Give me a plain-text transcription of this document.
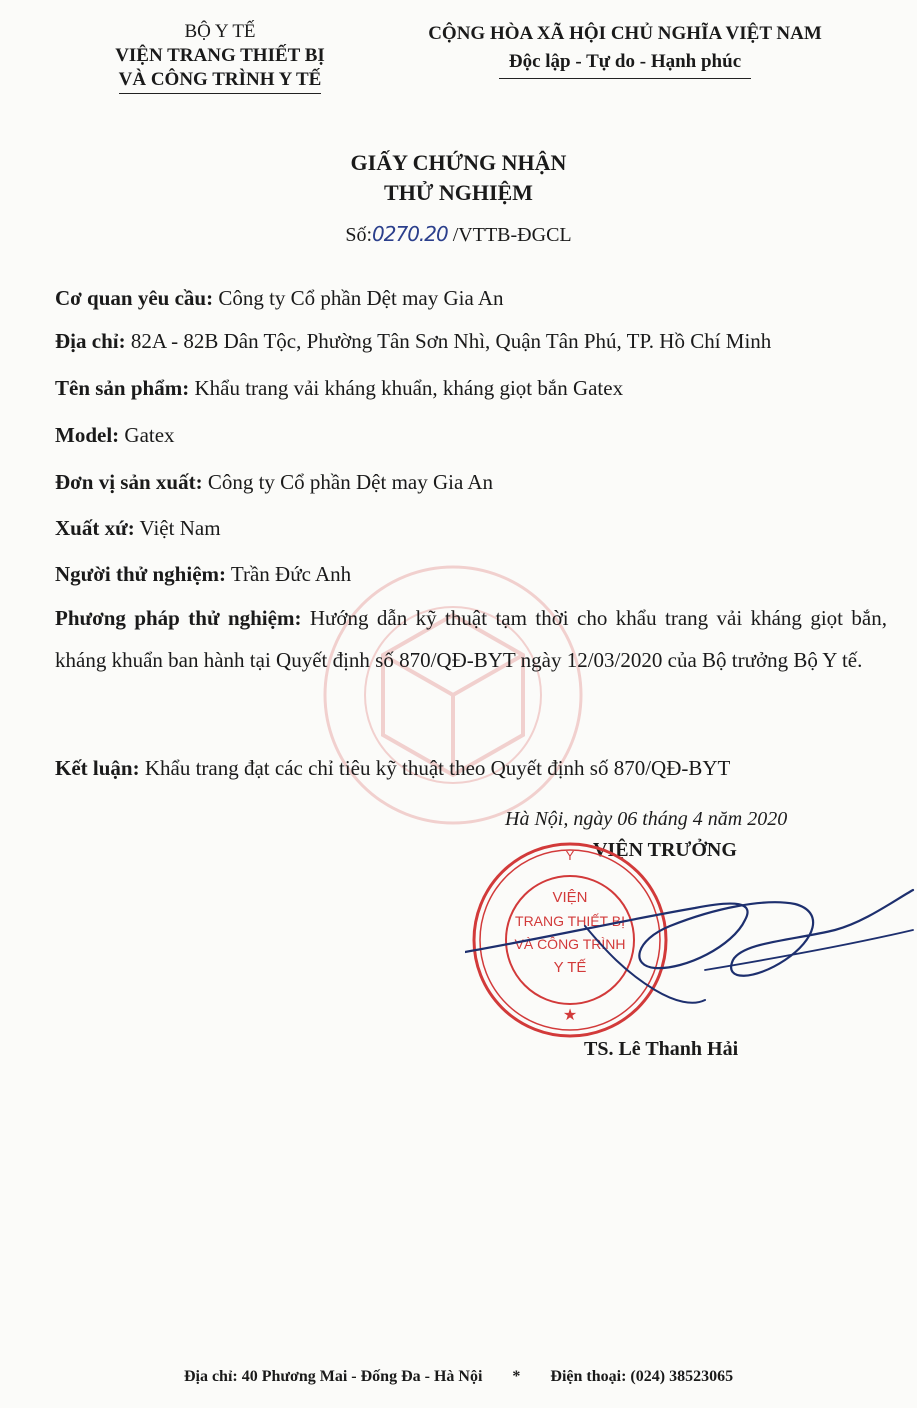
BỘ Y TẾ
VIỆN TRANG THIẾT BỊ
VÀ CÔNG TRÌNH Y TẾ
CỘNG HÒA XÃ HỘI CHỦ NGHĨA VIỆT NAM
Độc lập - Tự do - Hạnh phúc
GIẤY CHỨNG NHẬN
THỬ NGHIỆM
Số:0270.20 /VTTB-ĐGCL
Cơ quan yêu cầu: Công ty Cổ phần Dệt may Gia An
Địa chỉ: 82A - 82B Dân Tộc, Phường Tân Sơn Nhì, Quận Tân Phú, TP. Hồ Chí Minh
Tên sản phẩm: Khẩu trang vải kháng khuẩn, kháng giọt bắn Gatex
Model: Gatex
Đơn vị sản xuất: Công ty Cổ phần Dệt may Gia An
Xuất xứ: Việt Nam
Người thử nghiệm: Trần Đức Anh
Phương pháp thử nghiệm: Hướng dẫn kỹ thuật tạm thời cho khẩu trang vải kháng giọt bắn, kháng khuẩn ban hành tại Quyết định số 870/QĐ-BYT ngày 12/03/2020 của Bộ trưởng Bộ Y tế.
Kết luận: Khẩu trang đạt các chỉ tiêu kỹ thuật theo Quyết định số 870/QĐ-BYT
Hà Nội, ngày 06 tháng 4 năm 2020
VIỆN TRƯỞNG
Y
VIỆN
TRANG THIẾT BỊ
VÀ CÔNG TRÌNH
Y TẾ
★
TS. Lê Thanh Hải
Địa chỉ: 40 Phương Mai - Đống Đa - Hà Nội * Điện thoại: (024) 38523065
